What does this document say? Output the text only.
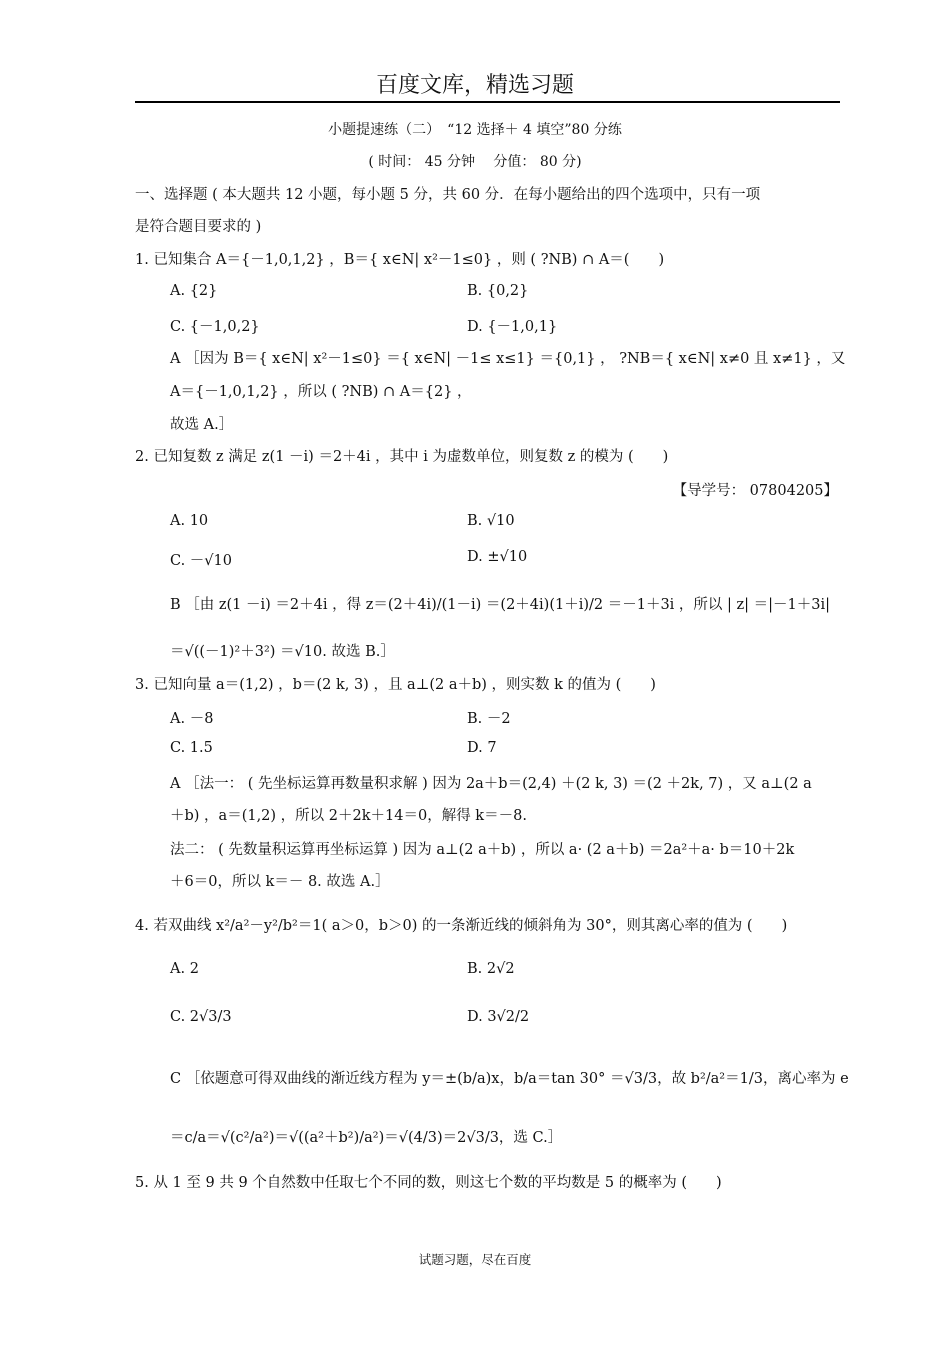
百度文库，精选习题
小题提速练（二）　“12 选择＋ 4 填空”80 分练
( 时间： 45 分钟　 分值： 80 分)
一、选择题 ( 本大题共 12 小题，每小题 5 分，共 60 分．在每小题给出的四个选项中，只有一项
是符合题目要求的 )
1. 已知集合 A＝{－1,0,1,2} ，B＝{ x∈N| x²－1≤0} ，则 ( ?NB) ∩ A＝(　　)
A. {2}	B. {0,2}
C. {－1,0,2}	D. {－1,0,1}
A ［因为 B＝{ x∈N| x²－1≤0} ＝{ x∈N| －1≤ x≤1} ＝{0,1} ， ?NB＝{ x∈N| x≠0 且 x≠1} ，又
A＝{－1,0,1,2} ，所以 ( ?NB) ∩ A＝{2} ，
故选 A.］
2. 已知复数 z 满足 z(1 －i) ＝2＋4i ，其中 i 为虚数单位，则复数 z 的模为 (　　)
【导学号： 07804205】
A. 10	B. √10
C. －√10	D. ±√10
B ［由 z(1 －i) ＝2＋4i ，得 z＝(2＋4i)/(1－i) ＝(2＋4i)(1＋i)/2 ＝－1＋3i ，所以 | z| ＝|－1＋3i|
＝√((－1)²＋3²) ＝√10. 故选 B.］
3. 已知向量 a＝(1,2) ，b＝(2 k, 3) ，且 a⊥(2 a＋b) ，则实数 k 的值为 (　　)
A. －8	B. －2
C. 1.5	D. 7
A ［法一： ( 先坐标运算再数量积求解 ) 因为 2a＋b＝(2,4) ＋(2 k, 3) ＝(2 ＋2k, 7) ，又 a⊥(2 a
＋b) ，a＝(1,2) ，所以 2＋2k＋14＝0，解得 k＝－8.
法二： ( 先数量积运算再坐标运算 ) 因为 a⊥(2 a＋b) ，所以 a· (2 a＋b) ＝2a²＋a· b＝10＋2k
＋6＝0，所以 k＝－ 8. 故选 A.］
4. 若双曲线 x²/a²－y²/b²＝1( a＞0，b＞0) 的一条渐近线的倾斜角为 30°，则其离心率的值为 (　　)
A. 2	B. 2√2
C. 2√3/3	D. 3√2/2
C ［依题意可得双曲线的渐近线方程为 y＝±(b/a)x，b/a＝tan 30° ＝√3/3，故 b²/a²＝1/3，离心率为 e
＝c/a＝√(c²/a²)＝√((a²＋b²)/a²)＝√(4/3)＝2√3/3，选 C.］
5. 从 1 至 9 共 9 个自然数中任取七个不同的数，则这七个数的平均数是 5 的概率为 (　　)
试题习题，尽在百度
